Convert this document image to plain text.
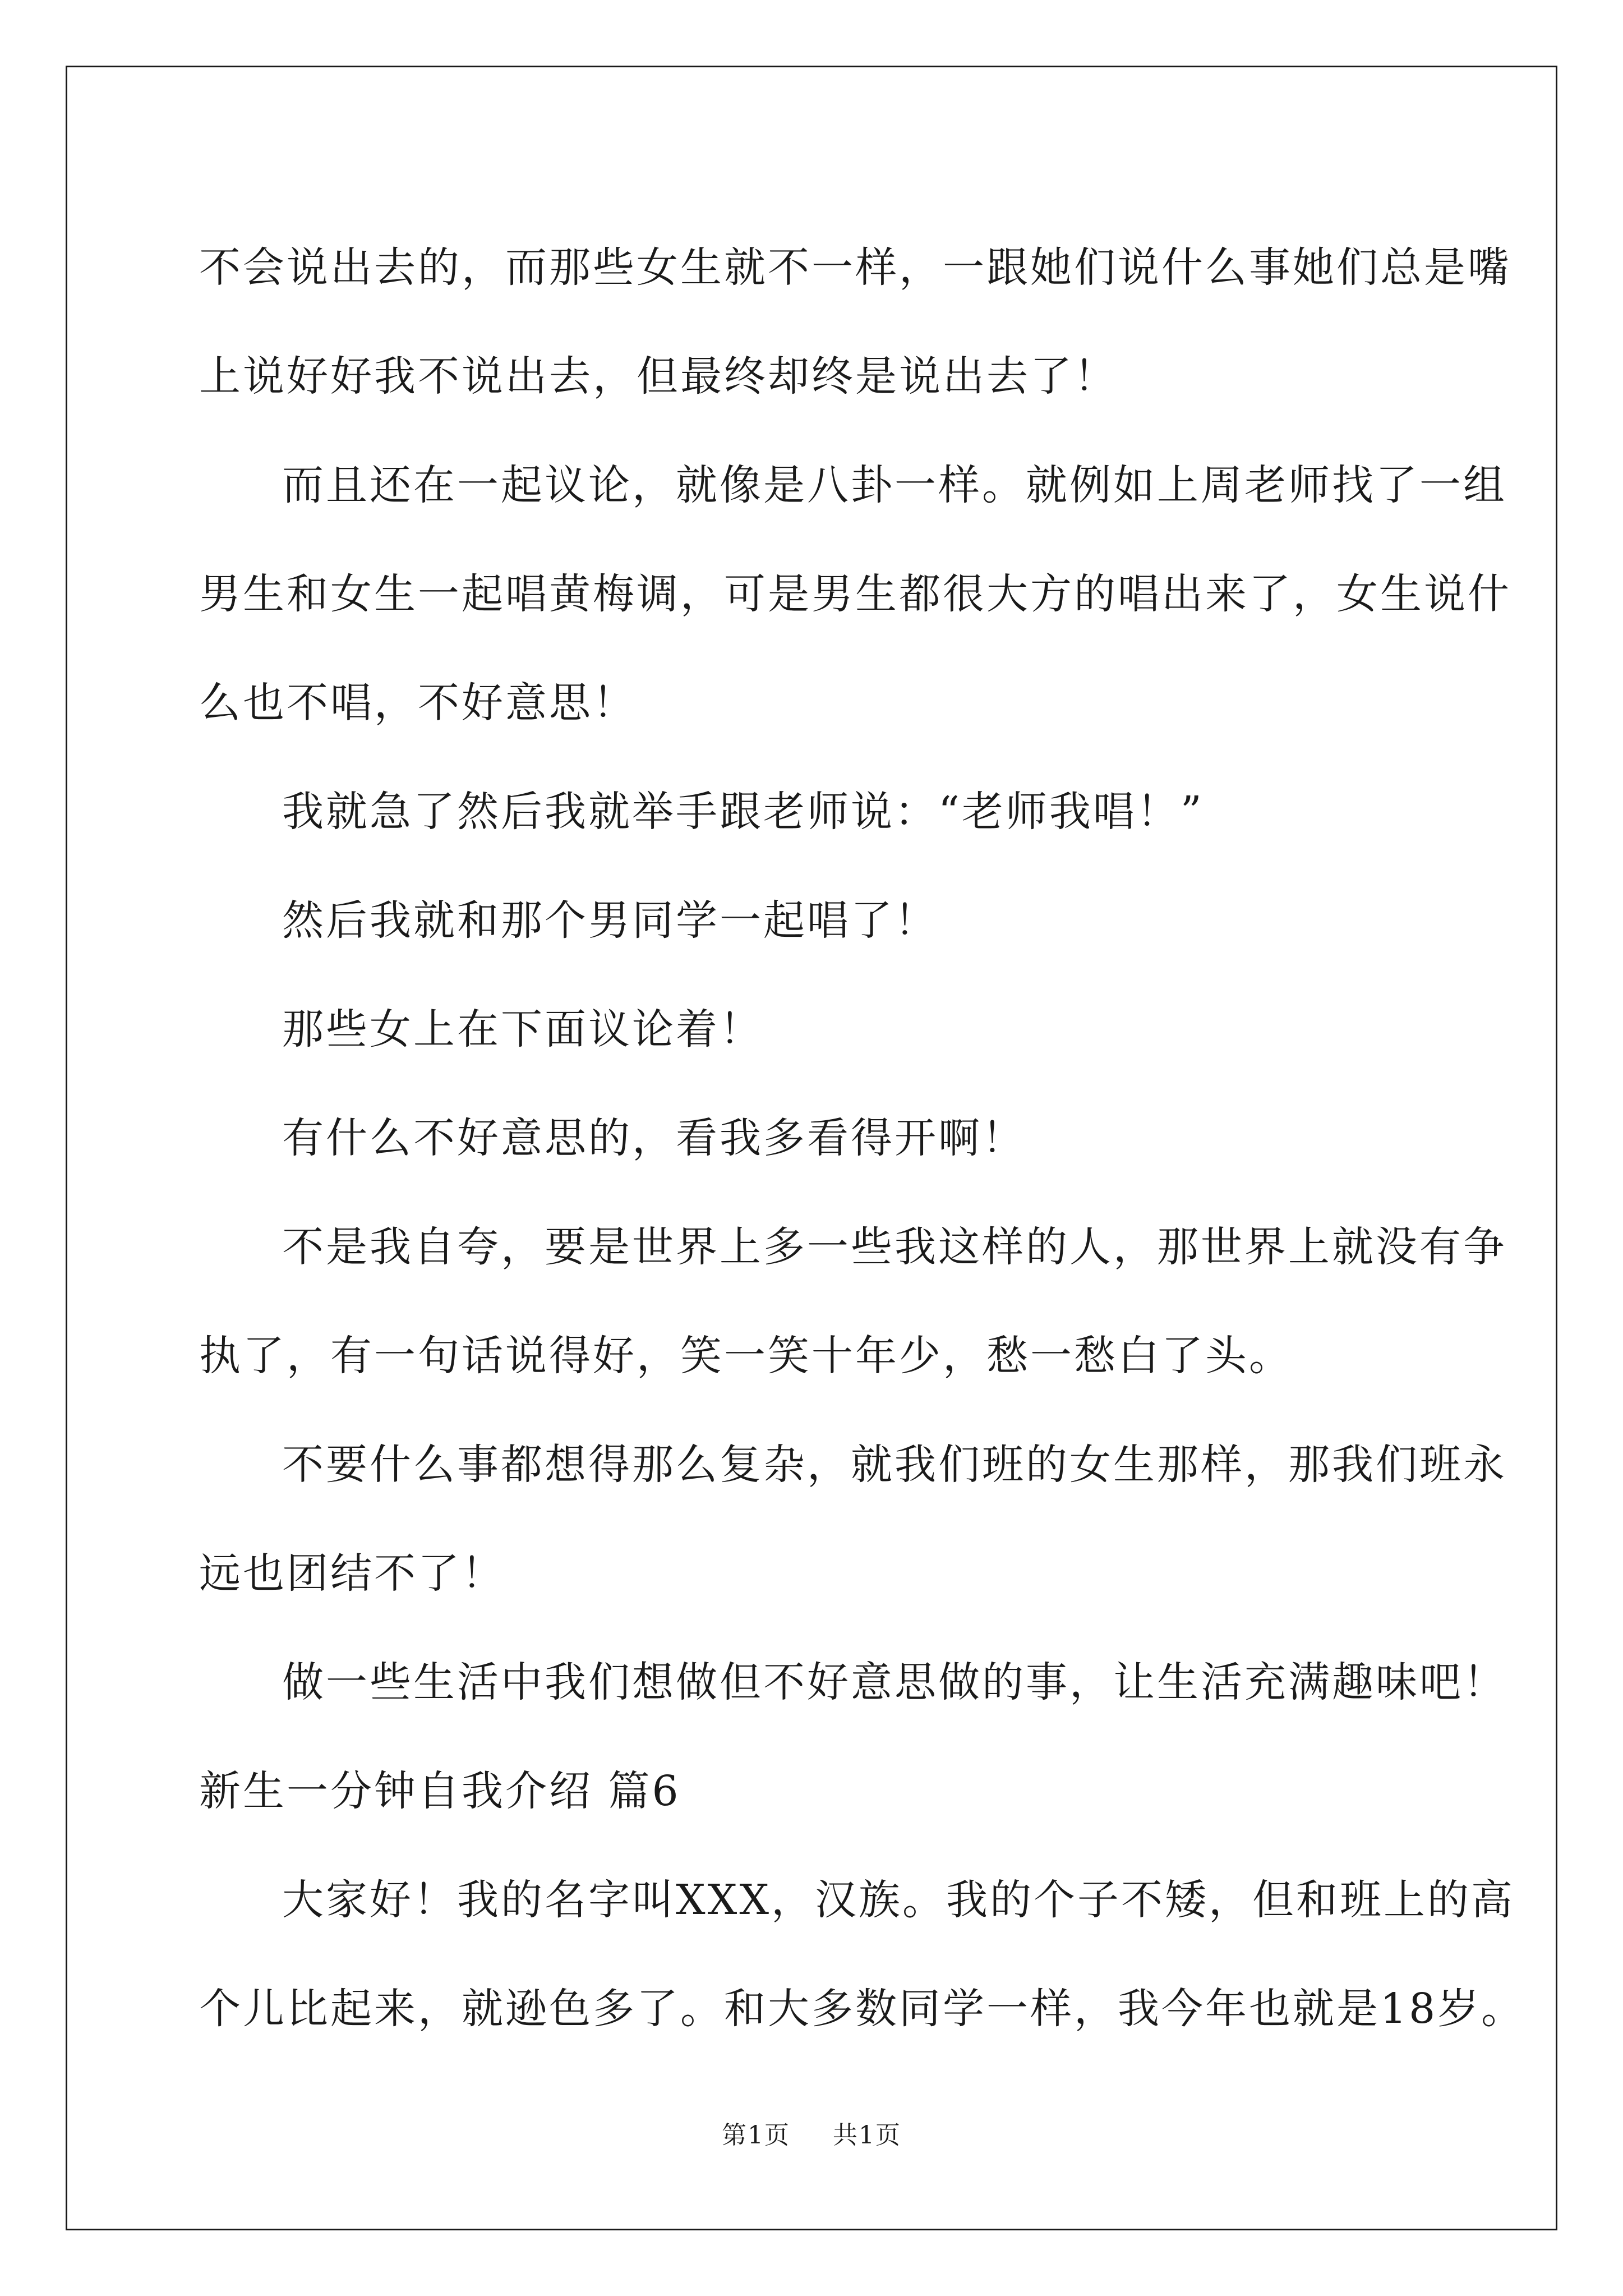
不会说出去的，而那些女生就不一样，一跟她们说什么事她们总是嘴

上说好好我不说出去，但最终却终是说出去了！

而且还在一起议论，就像是八卦一样。就例如上周老师找了一组

男生和女生一起唱黄梅调，可是男生都很大方的唱出来了，女生说什

么也不唱，不好意思！

我就急了然后我就举手跟老师说：“老师我唱！”

然后我就和那个男同学一起唱了！

那些女上在下面议论着！

有什么不好意思的，看我多看得开啊！

不是我自夸，要是世界上多一些我这样的人，那世界上就没有争

执了，有一句话说得好，笑一笑十年少，愁一愁白了头。

不要什么事都想得那么复杂，就我们班的女生那样，那我们班永

远也团结不了！

做一些生活中我们想做但不好意思做的事，让生活充满趣味吧！

新生一分钟自我介绍 篇6

大家好！我的名字叫XXX，汉族。我的个子不矮，但和班上的高

个儿比起来，就逊色多了。和大多数同学一样，我今年也就是18岁。

第1页 共1页
